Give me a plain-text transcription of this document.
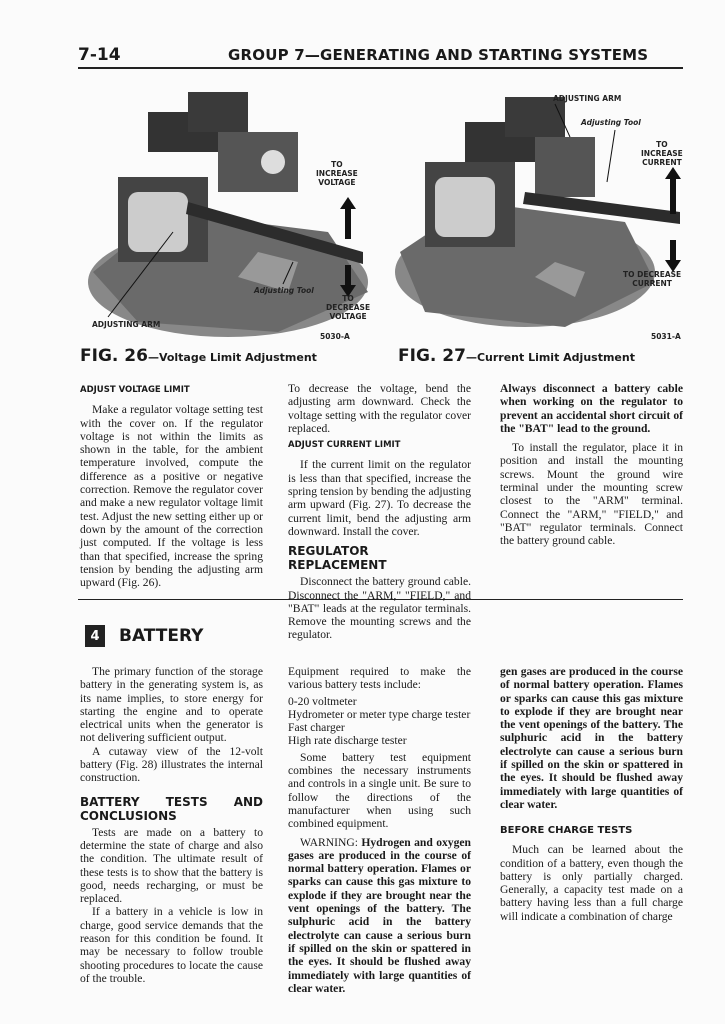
7-14	GROUP 7—GENERATING AND STARTING SYSTEMS
TO
INCREASE
VOLTAGE
TO
DECREASE
VOLTAGE
Adjusting Tool
ADJUSTING ARM
5030-A
FIG. 26—Voltage Limit Adjustment
ADJUSTING ARM
Adjusting Tool
TO
INCREASE
CURRENT
TO DECREASE
CURRENT
5031-A
FIG. 27—Current Limit Adjustment
ADJUST VOLTAGE LIMIT

Make a regulator voltage setting test with the cover on. If the regulator voltage is not within the limits as shown in the table, for the ambient temperature involved, compute the difference as a positive or negative correction. Remove the regulator cover and make a new regulator voltage limit test. Adjust the new setting either up or down by the amount of the correction just computed. If the voltage is less than that specified, increase the spring tension by bending the adjusting arm upward (Fig. 26).

To decrease the voltage, bend the adjusting arm downward. Check the voltage setting with the regulator cover replaced.

ADJUST CURRENT LIMIT

If the current limit on the regulator is less than that specified, increase the spring tension by bending the adjusting arm upward (Fig. 27). To decrease the current limit, bend the adjusting arm downward. Install the cover.

REGULATOR REPLACEMENT

Disconnect the battery ground cable. Disconnect the "ARM," "FIELD," and "BAT" leads at the regulator terminals. Remove the mounting screws and the regulator.

Always disconnect a battery cable when working on the regulator to prevent an accidental short circuit of the "BAT" lead to the ground.

To install the regulator, place it in position and install the mounting screws. Mount the ground wire terminal under the mounting screw closest to the "ARM" terminal. Connect the "ARM," "FIELD," and "BAT" regulator terminals. Connect the battery ground cable.

4	BATTERY

The primary function of the storage battery in the generating system is, as its name implies, to store energy for starting the engine and to operate electrical units when the generator is not delivering sufficient output.

A cutaway view of the 12-volt battery (Fig. 28) illustrates the internal construction.

BATTERY TESTS AND CONCLUSIONS

Tests are made on a battery to determine the state of charge and also the condition. The ultimate result of these tests is to show that the battery is good, needs recharging, or must be replaced.

If a battery in a vehicle is low in charge, good service demands that the reason for this condition be found. It may be necessary to follow trouble shooting procedures to locate the cause of the trouble.

Equipment required to make the various battery tests include:

0-20 voltmeter
Hydrometer or meter type charge tester
Fast charger
High rate discharge tester

Some battery test equipment combines the necessary instruments and controls in a single unit. Be sure to follow the directions of the manufacturer when using such combined equipment.

WARNING: Hydrogen and oxygen gases are produced in the course of normal battery operation. Flames or sparks can cause this gas mixture to explode if they are brought near the vent openings of the battery. The sulphuric acid in the battery electrolyte can cause a serious burn if spilled on the skin or spattered in the eyes. It should be flushed away immediately with large quantities of clear water.

BEFORE CHARGE TESTS

Much can be learned about the condition of a battery, even though the battery is only partially charged. Generally, a capacity test made on a battery having less than a full charge will indicate a combination of charge

gen gases are produced in the course of normal battery operation. Flames or sparks can cause this gas mixture to explode if they are brought near the vent openings of the battery. The sulphuric acid in the battery electrolyte can cause a serious burn if spilled on the skin or spattered in the eyes. It should be flushed away immediately with large quantities of clear water.
